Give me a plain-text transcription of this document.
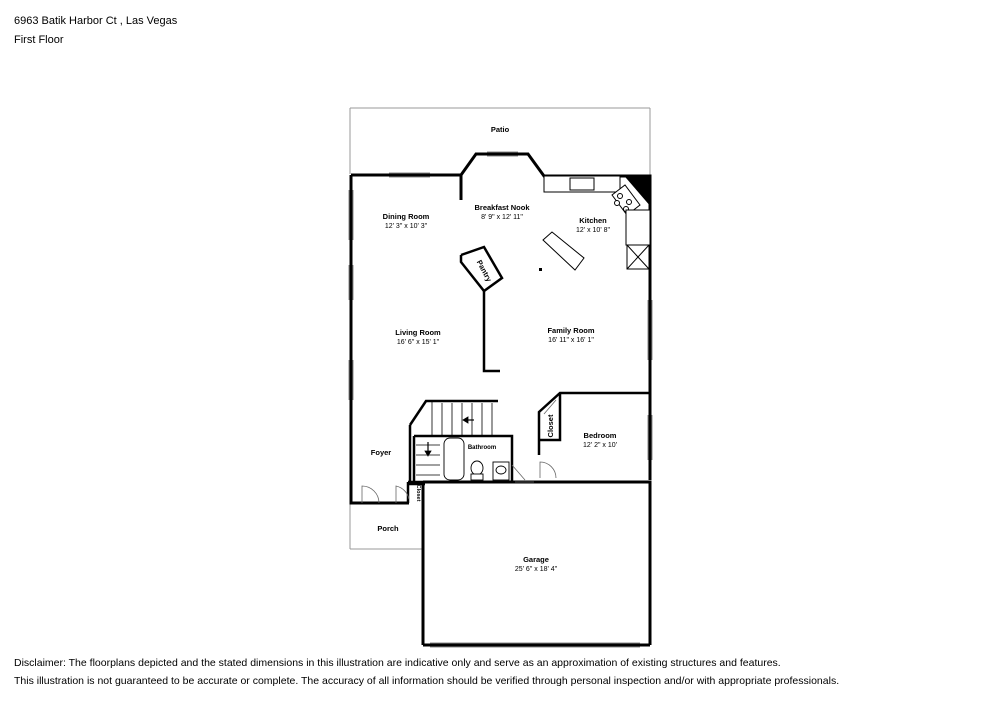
6963 Batik Harbor Ct , Las Vegas
First Floor
Patio
Breakfast Nook
8' 9" x 12' 11"
Dining Room
12' 3" x 10' 3"
Kitchen
12' x 10' 8"
Pantry
Living Room
16' 6" x 15' 1"
Family Room
16' 11" x 16' 1"
Closet	Bedroom
12' 2" x 10'
Bathroom
Foyer
Closet
Porch
Garage
25' 6" x 18' 4"
Disclaimer: The floorplans depicted and the stated dimensions in this illustration are indicative only and serve as an approximation of existing structures and features.
This illustration is not guaranteed to be accurate or complete. The accuracy of all information should be verified through personal inspection and/or with appropriate professionals.
